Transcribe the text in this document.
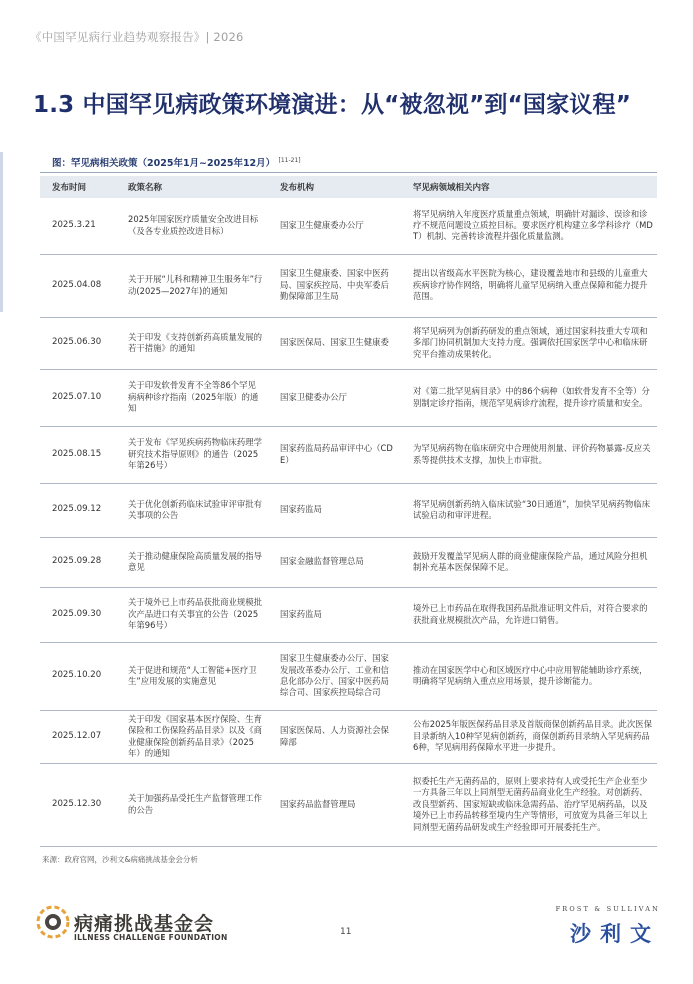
《中国罕见病行业趋势观察报告》| 2026
1.3 中国罕见病政策环境演进：从“被忽视”到“国家议程”
图：罕见病相关政策（2025年1月~2025年12月） [11-21]
发布时间	政策名称	发布机构	罕见病领域相关内容
2025.3.21	2025年国家医疗质量安全改进目标（及各专业质控改进目标）	国家卫生健康委办公厅	将罕见病纳入年度医疗质量重点领域，明确针对漏诊、误诊和诊疗不规范问题设立质控目标。要求医疗机构建立多学科诊疗（MDT）机制、完善转诊流程并强化质量监测。
2025.04.08	关于开展“儿科和精神卫生服务年”行动(2025—2027年)的通知	国家卫生健康委、国家中医药局、国家疾控局、中央军委后勤保障部卫生局	提出以省级高水平医院为核心，建设覆盖地市和县级的儿童重大疾病诊疗协作网络，明确将儿童罕见病纳入重点保障和能力提升范围。
2025.06.30	关于印发《支持创新药高质量发展的若干措施》的通知	国家医保局、国家卫生健康委	将罕见病列为创新药研发的重点领域，通过国家科技重大专项和多部门协同机制加大支持力度。强调依托国家医学中心和临床研究平台推动成果转化。
2025.07.10	关于印发软骨发育不全等86个罕见病病种诊疗指南（2025年版）的通知	国家卫健委办公厅	对《第二批罕见病目录》中的86个病种（如软骨发育不全等）分别制定诊疗指南，规范罕见病诊疗流程，提升诊疗质量和安全。
2025.08.15	关于发布《罕见疾病药物临床药理学研究技术指导原则》的通告（2025年第26号）	国家药监局药品审评中心（CDE）	为罕见病药物在临床研究中合理使用剂量、评价药物暴露-反应关系等提供技术支撑，加快上市审批。
2025.09.12	关于优化创新药临床试验审评审批有关事项的公告	国家药监局	将罕见病创新药纳入临床试验“30日通道”，加快罕见病药物临床试验启动和审评进程。
2025.09.28	关于推动健康保险高质量发展的指导意见	国家金融监督管理总局	鼓励开发覆盖罕见病人群的商业健康保险产品，通过风险分担机制补充基本医保保障不足。
2025.09.30	关于境外已上市药品获批商业规模批次产品进口有关事宜的公告（2025年第96号）	国家药监局	境外已上市药品在取得我国药品批准证明文件后，对符合要求的获批商业规模批次产品，允许进口销售。
2025.10.20	关于促进和规范“人工智能+医疗卫生”应用发展的实施意见	国家卫生健康委办公厅、国家发展改革委办公厅、工业和信息化部办公厅、国家中医药局综合司、国家疾控局综合司	推动在国家医学中心和区域医疗中心中应用智能辅助诊疗系统，明确将罕见病纳入重点应用场景，提升诊断能力。
2025.12.07	关于印发《国家基本医疗保险、生育保险和工伤保险药品目录》以及《商业健康保险创新药品目录》（2025年）的通知	国家医保局、人力资源社会保障部	公布2025年版医保药品目录及首版商保创新药品目录。此次医保目录新纳入10种罕见病创新药，商保创新药目录纳入罕见病药品6种，罕见病用药保障水平进一步提升。
2025.12.30	关于加强药品受托生产监督管理工作的公告	国家药品监督管理局	拟委托生产无菌药品的，原则上要求持有人或受托生产企业至少一方具备三年以上同剂型无菌药品商业化生产经验。对创新药、改良型新药、国家短缺或临床急需药品、治疗罕见病药品，以及境外已上市药品转移至境内生产等情形，可放宽为具备三年以上同剂型无菌药品研发或生产经验即可开展委托生产。
来源：政府官网，沙利文&病痛挑战基金会分析
病痛挑战基金会
ILLNESS CHALLENGE FOUNDATION
11
FROST & SULLIVAN
沙利文
